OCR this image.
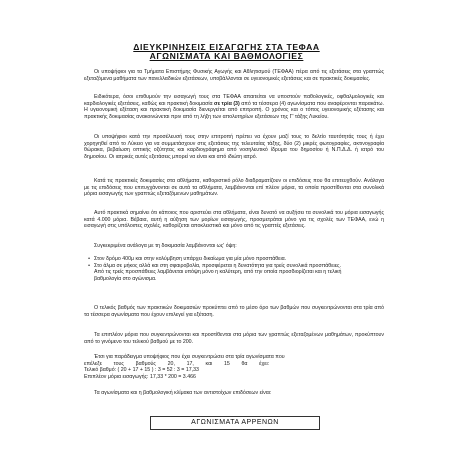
ΔΙΕΥΚΡΙΝΗΣΕΙΣ ΕΙΣΑΓΩΓΗΣ ΣΤΑ ΤΕΦΑΑ
ΑΓΩΝΙΣΜΑΤΑ ΚΑΙ ΒΑΘΜΟΛΟΓΙΕΣ

Οι υποψήφιοι για τα Τμήματα Επιστήμης Φυσικής Αγωγής και Αθλητισμού (ΤΕΦΑΑ) πέρα από τις εξετάσεις στα γραπτώς εξεταζόμενα μαθήματα των πανελλαδικών εξετάσεων, υποβάλλονται σε υγειονομικές εξετάσεις και σε πρακτικές δοκιμασίες.

Ειδικότερα, όσοι επιθυμούν την εισαγωγή τους στα ΤΕΦΑΑ απαιτείται να υποστούν παθολογικές, οφθαλμολογικές και καρδιολογικές εξετάσεις, καθώς και πρακτική δοκιμασία σε τρία (3) από τα τέσσερα (4) αγωνίσματα που αναφέρονται παρακάτω. Η υγειονομική εξέταση και πρακτική δοκιμασία διενεργείται από επιτροπή. Ο χρόνος και ο τόπος υγειονομικής εξέτασης και πρακτικής δοκιμασίας ανακοινώνεται πριν από τη λήξη των απολυτηρίων εξετάσεων της Γ' τάξης Λυκείου.

Οι υποψήφιοι κατά την προσέλευσή τους στην επιτροπή πρέπει να έχουν μαζί τους το δελτίο ταυτότητάς τους ή έχει χορηγηθεί από το Λύκειο για να συμμετάσχουν στις εξετάσεις της τελευταίας τάξης, δύο (2) μικρές φωτογραφίες, ακτινογραφία θώρακα, βεβαίωση οπτικής οξύτητας και καρδιογράφημα από νοσηλευτικό ίδρυμα του δημοσίου ή Ν.Π.Δ.Δ. ή ιατρό του δημοσίου. Οι ιατρικές αυτές εξετάσεις μπορεί να είναι και από ιδιώτη ιατρό.

Κατά τις πρακτικές δοκιμασίες στα αθλήματα, καθοριστικό ρόλο διαδραματίζουν οι επιδόσεις που θα επιτευχθούν. Ανάλογα με τις επιδόσεις που επιτυγχάνονται σε αυτά τα αθλήματα, λαμβάνονται επί πλέον μόρια, τα οποία προστίθενται στα συνολικά μόρια εισαγωγής των γραπτώς εξεταζόμενων μαθημάτων.

Αυτό πρακτικά σημαίνει ότι κάποιος που αριστεύει στα αθλήματα, είναι δυνατό να αυξήσει τα συνολικά του μόρια εισαγωγής κατά 4.000 μόρια. Βέβαια, αυτή η αύξηση των μορίων εισαγωγής, προσμετράται μόνο για τις σχολές των ΤΕΦΑΑ, ενώ η εισαγωγή στις υπόλοιπες σχολές, καθορίζεται αποκλειστικά και μόνο από τις γραπτές εξετάσεις.

Συγκεκριμένα ανάλογα με τη δοκιμασία λαμβάνονται ως' όψη:

• Στον δρόμο 400μ και στην κολύμβηση υπάρχει δικαίωμα για μία μόνο προσπάθεια.
• Στο άλμα σε μήκος αλλά και στη σφαιροβολία, προσφέρεται η δυνατότητα για τρείς συνολικά προσπάθειες. Από τις τρείς προσπάθειες λαμβάνεται υπόψη μόνο η καλύτερη, από την οποία προσδιορίζεται και η τελική βαθμολογία στο αγώνισμα.

Ο τελικός βαθμός των πρακτικών δοκιμασιών προκύπτει από το μέσο όρο των βαθμών που συγκεντρώνονται στα τρία από τα τέσσερα αγωνίσματα που έχουν επιλεγεί για εξέταση.

Τα επιπλέον μόρια που συγκεντρώνονται και προστίθενται στα μόρια των γραπτώς εξεταζομένων μαθημάτων, προκύπτουν από το γινόμενο του τελικού βαθμού με το 200.

Έτσι για παράδειγμα υποψήφιος που έχει συγκεντρώσει στα τρία αγωνίσματα που
επέλεξε        τους        βαθμούς        20,        17,        και        15        θα        έχει:
Τελικό βαθμό: ( 20 + 17 + 15 ) : 3 = 52 : 3 = 17,33
Επιπλέον μόρια εισαγωγής: 17,33 * 200 = 3.466

Τα αγωνίσματα και η βαθμολογική κλίμακα των αντιστοίχων επιδόσεων είναι:

ΑΓΩΝΙΣΜΑΤΑ ΑΡΡΕΝΩΝ
